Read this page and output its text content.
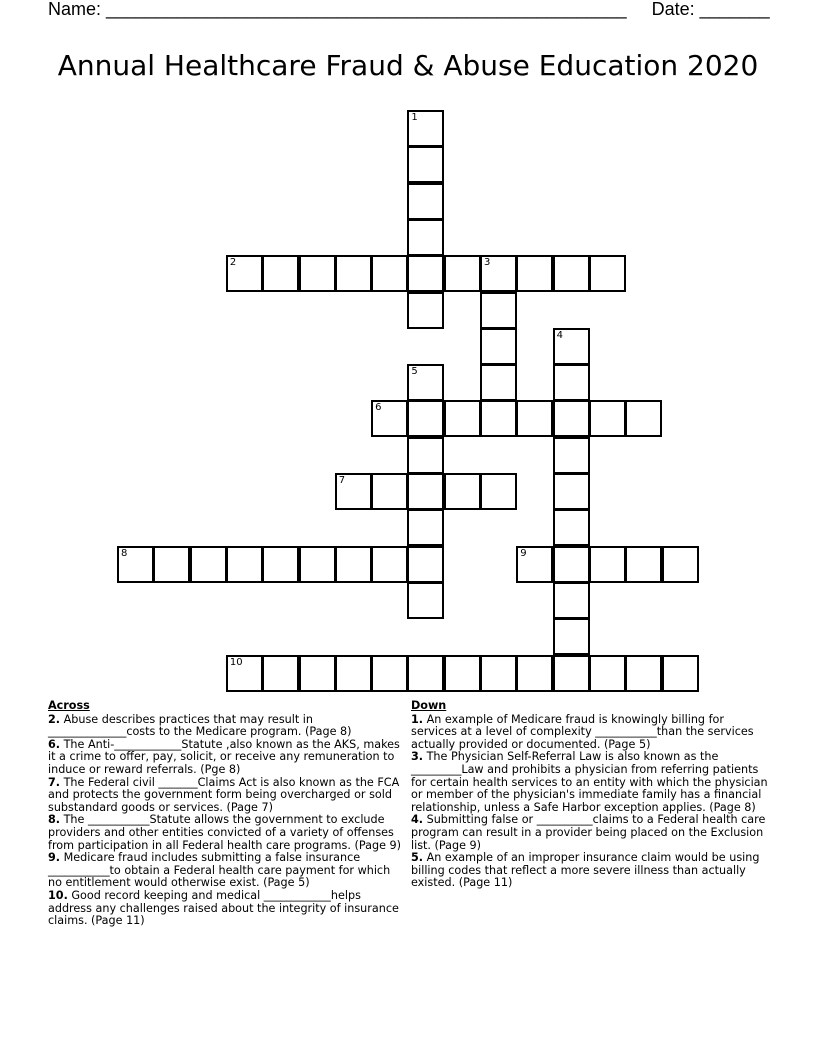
Name: ____________________________________________________     Date: _______
Annual Healthcare Fraud & Abuse Education 2020
1
2	3
4
5
6
7
8	9
10
Across
2. Abuse describes practices that may result in ______________costs to the Medicare program. (Page 8)
6. The Anti-____________Statute ,also known as the AKS, makes it a crime to offer, pay, solicit, or receive any remuneration to induce or reward referrals. (Pge 8)
7. The Federal civil _______Claims Act is also known as the FCA and protects the government form being overcharged or sold substandard goods or services. (Page 7)
8. The ___________Statute allows the government to exclude providers and other entities convicted of a variety of offenses from participation in all Federal health care programs. (Page 9)
9. Medicare fraud includes submitting a false insurance ___________to obtain a Federal health care payment for which no entitlement would otherwise exist. (Page 5)
10. Good record keeping and medical ____________helps address any challenges raised about the integrity of insurance claims. (Page 11)
Down
1. An example of Medicare fraud is knowingly billing for services at a level of complexity ___________than the services actually provided or documented. (Page 5)
3. The Physician Self-Referral Law is also known as the _________Law and prohibits a physician from referring patients for certain health services to an entity with which the physician or member of the physician's immediate family has a financial relationship, unless a Safe Harbor exception applies. (Page 8)
4. Submitting false or __________claims to a Federal health care program can result in a provider being placed on the Exclusion list. (Page 9)
5. An example of an improper insurance claim would be using billing codes that reflect a more severe illness than actually existed. (Page 11)
